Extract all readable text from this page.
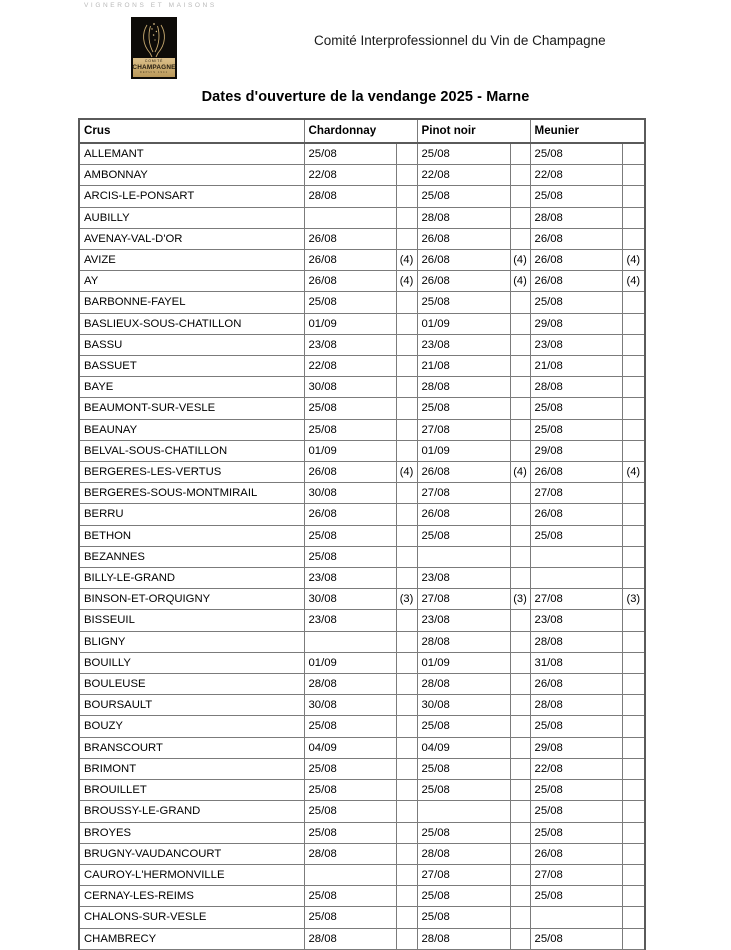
VIGNERONS ET MAISONS
COMITÉ
CHAMPAGNE
DEPUIS 1941
Comité Interprofessionnel du Vin de Champagne
Dates d'ouverture de la vendange 2025 - Marne
Crus	Chardonnay		Pinot noir		Meunier	
ALLEMANT	25/08		25/08		25/08	
AMBONNAY	22/08		22/08		22/08	
ARCIS-LE-PONSART	28/08		25/08		25/08	
AUBILLY			28/08		28/08	
AVENAY-VAL-D'OR	26/08		26/08		26/08	
AVIZE	26/08	(4)	26/08	(4)	26/08	(4)
AY	26/08	(4)	26/08	(4)	26/08	(4)
BARBONNE-FAYEL	25/08		25/08		25/08	
BASLIEUX-SOUS-CHATILLON	01/09		01/09		29/08	
BASSU	23/08		23/08		23/08	
BASSUET	22/08		21/08		21/08	
BAYE	30/08		28/08		28/08	
BEAUMONT-SUR-VESLE	25/08		25/08		25/08	
BEAUNAY	25/08		27/08		25/08	
BELVAL-SOUS-CHATILLON	01/09		01/09		29/08	
BERGERES-LES-VERTUS	26/08	(4)	26/08	(4)	26/08	(4)
BERGERES-SOUS-MONTMIRAIL	30/08		27/08		27/08	
BERRU	26/08		26/08		26/08	
BETHON	25/08		25/08		25/08	
BEZANNES	25/08					
BILLY-LE-GRAND	23/08		23/08			
BINSON-ET-ORQUIGNY	30/08	(3)	27/08	(3)	27/08	(3)
BISSEUIL	23/08		23/08		23/08	
BLIGNY			28/08		28/08	
BOUILLY	01/09		01/09		31/08	
BOULEUSE	28/08		28/08		26/08	
BOURSAULT	30/08		30/08		28/08	
BOUZY	25/08		25/08		25/08	
BRANSCOURT	04/09		04/09		29/08	
BRIMONT	25/08		25/08		22/08	
BROUILLET	25/08		25/08		25/08	
BROUSSY-LE-GRAND	25/08				25/08	
BROYES	25/08		25/08		25/08	
BRUGNY-VAUDANCOURT	28/08		28/08		26/08	
CAUROY-L'HERMONVILLE			27/08		27/08	
CERNAY-LES-REIMS	25/08		25/08		25/08	
CHALONS-SUR-VESLE	25/08		25/08			
CHAMBRECY	28/08		28/08		25/08	
